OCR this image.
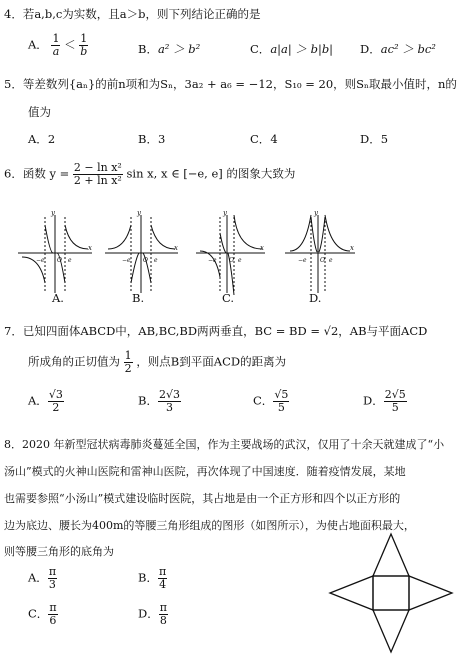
4．若a,b,c为实数，且a＞b，则下列结论正确的是
A． $\frac{1}{a} < \frac{1}{b}$	B．a² ＞ b²	C．a|a| ＞ b|b| D．ac² ＞ bc²
5．等差数列{aₙ}的前n项和为Sₙ，3a₂ + a₆ = −12，S₁₀ = 20，则Sₙ取最小值时，n的
值为
A．2	B．3	C．4	D．5
6．函数 $y = \frac{\text{2 − ln x²}}{\text{2 + ln x²}}$ sin x, x ∈ [−e, e] 的图象大致为
y
x
y
x
y
x
y
x
−e O e	−e O e	−e O e	−e O e
A.	B.	C.	D.
7．已知四面体ABCD中，AB,BC,BD两两垂直，BC = BD = √2，AB与平面ACD
所成角的正切值为 $\frac{1}{2}$ ，则点B到平面ACD的距离为
A． $\frac{√3}{2}$	B． $\frac{2√3}{3}$	C． $\frac{√5}{5}$	D． $\frac{2√5}{5}$
8．2020 年新型冠状病毒肺炎蔓延全国，作为主要战场的武汉，仅用了十余天就建成了“小
汤山”模式的火神山医院和雷神山医院，再次体现了中国速度．随着疫情发展，某地
也需要参照“小汤山”模式建设临时医院，其占地是由一个正方形和四个以正方形的
边为底边、腰长为400m的等腰三角形组成的图形（如图所示），为使占地面积最大，
则等腰三角形的底角为
A． $\frac{\pi}{3}$	B． $\frac{\pi}{4}$
C． $\frac{\pi}{6}$	D． $\frac{\pi}{8}$
